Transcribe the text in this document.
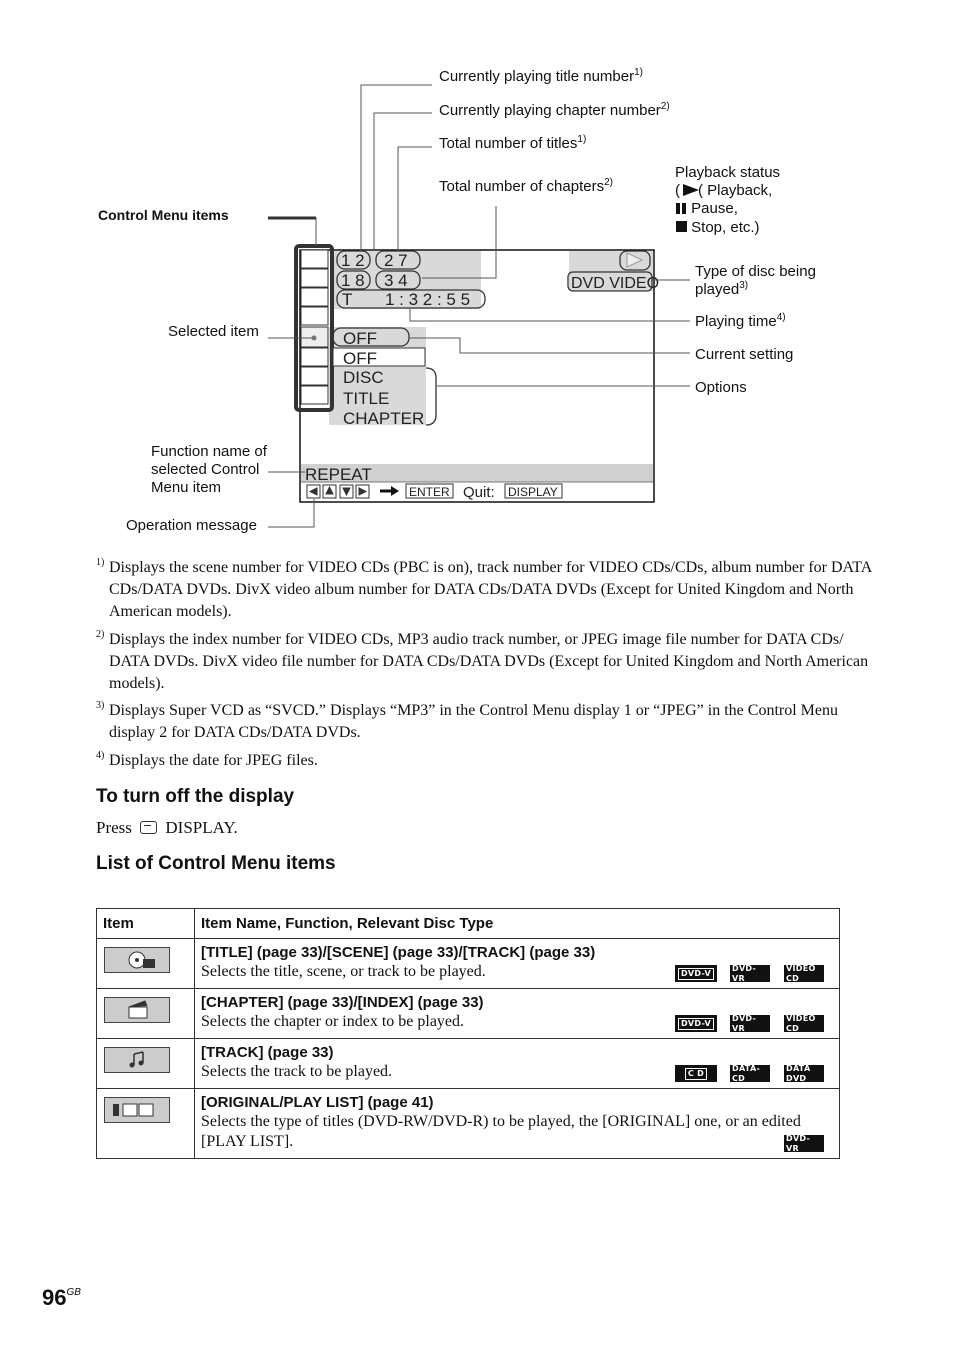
1 2 2 7
1 8 3 4
T 1 : 3 2 : 5 5
DVD VIDEO
OFF
OFF
DISC
TITLE
CHAPTER
REPEAT
ENTER Quit: DISPLAY
Currently playing title number$^{1)}$
Currently playing chapter number$^{2)}$
Total number of titles$^{1)}$
Total number of chapters$^{2)}$
Playback status
( ( Playback,
Pause,
Stop, etc.)
Type of disc being
played$^{3)}$
Playing time$^{4)}$
Current setting
Options
Control Menu items
Selected item
Function name of
selected Control
Menu item
Operation message
1) Displays the scene number for VIDEO CDs (PBC is on), track number for VIDEO CDs/CDs, album number for DATA CDs/DATA DVDs. DivX video album number for DATA CDs/DATA DVDs (Except for United Kingdom and North American models).
2) Displays the index number for VIDEO CDs, MP3 audio track number, or JPEG image file number for DATA CDs/ DATA DVDs. DivX video file number for DATA CDs/DATA DVDs (Except for United Kingdom and North American models).
3) Displays Super VCD as “SVCD.” Displays “MP3” in the Control Menu display 1 or “JPEG” in the Control Menu display 2 for DATA CDs/DATA DVDs.
4) Displays the date for JPEG files.
To turn off the display
Press DISPLAY.
List of Control Menu items
Item	Item Name, Function, Relevant Disc Type

[TITLE] (page 33)/[SCENE] (page 33)/[TRACK] (page 33)
Selects the title, scene, or track to be played. DVD-V
DVD-VR
VIDEO CD

[CHAPTER] (page 33)/[INDEX] (page 33)
Selects the chapter or index to be played. DVD-V
DVD-VR
VIDEO CD

[TRACK] (page 33)
Selects the track to be played. C D
DATA-CD
DATA DVD

[ORIGINAL/PLAY LIST] (page 41)
Selects the type of titles (DVD-RW/DVD-R) to be played, the [ORIGINAL] one, or an edited [PLAY LIST]. DVD-VR
$96^{GB}$
